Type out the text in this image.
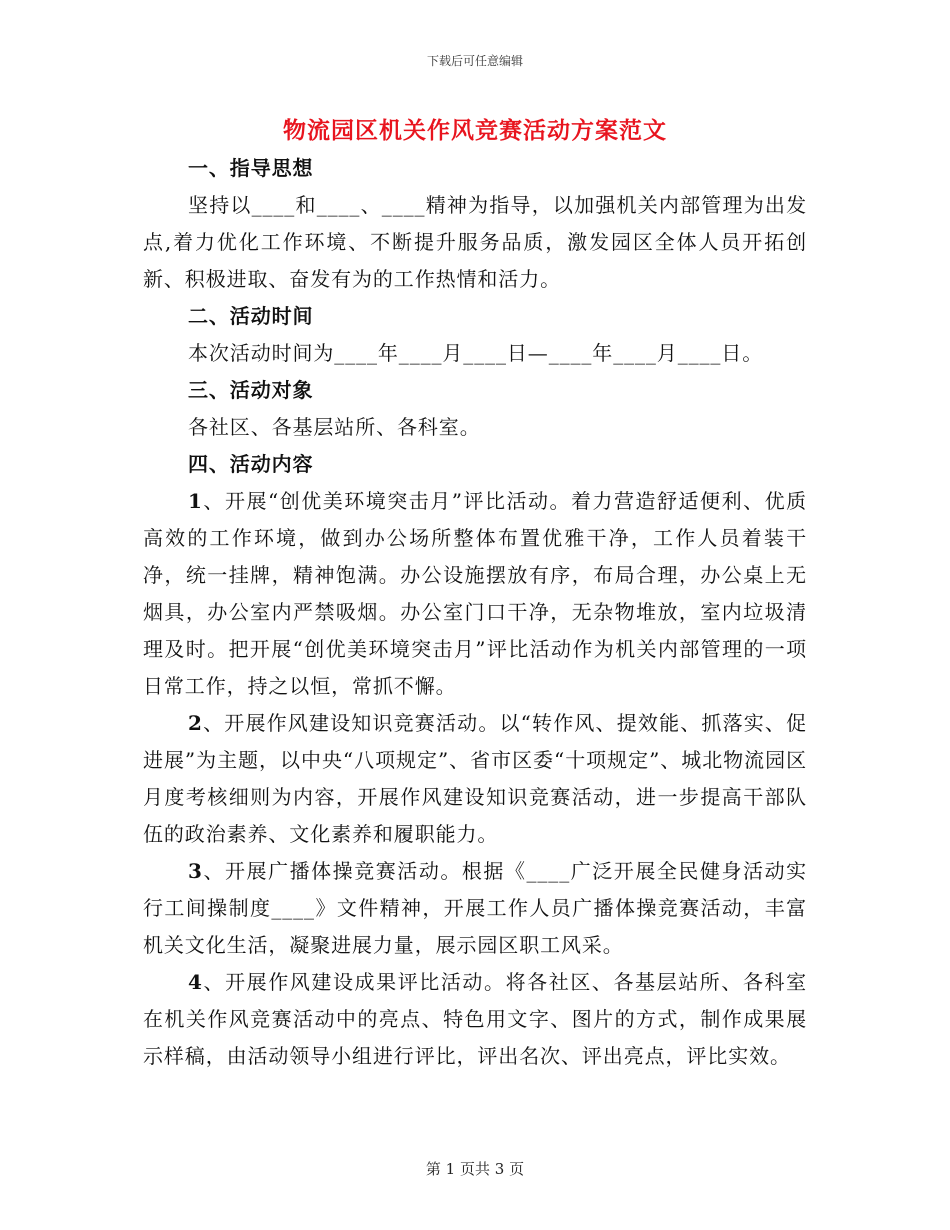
下载后可任意编辑
物流园区机关作风竞赛活动方案范文
一、指导思想

坚持以____和____、____精神为指导，以加强机关内部管理为出发点,着力优化工作环境、不断提升服务品质，激发园区全体人员开拓创新、积极进取、奋发有为的工作热情和活力。

二、活动时间

本次活动时间为____年____月____日—____年____月____日。

三、活动对象

各社区、各基层站所、各科室。

四、活动内容

1、开展“创优美环境突击月”评比活动。着力营造舒适便利、优质高效的工作环境，做到办公场所整体布置优雅干净，工作人员着装干净，统一挂牌，精神饱满。办公设施摆放有序，布局合理，办公桌上无烟具，办公室内严禁吸烟。办公室门口干净，无杂物堆放，室内垃圾清理及时。把开展“创优美环境突击月”评比活动作为机关内部管理的一项日常工作，持之以恒，常抓不懈。

2、开展作风建设知识竞赛活动。以“转作风、提效能、抓落实、促进展”为主题，以中央“八项规定”、省市区委“十项规定”、城北物流园区月度考核细则为内容，开展作风建设知识竞赛活动，进一步提高干部队伍的政治素养、文化素养和履职能力。

3、开展广播体操竞赛活动。根据《____广泛开展全民健身活动实行工间操制度____》文件精神，开展工作人员广播体操竞赛活动，丰富机关文化生活，凝聚进展力量，展示园区职工风采。

4、开展作风建设成果评比活动。将各社区、各基层站所、各科室在机关作风竞赛活动中的亮点、特色用文字、图片的方式，制作成果展示样稿，由活动领导小组进行评比，评出名次、评出亮点，评比实效。

第 1 页共 3 页
